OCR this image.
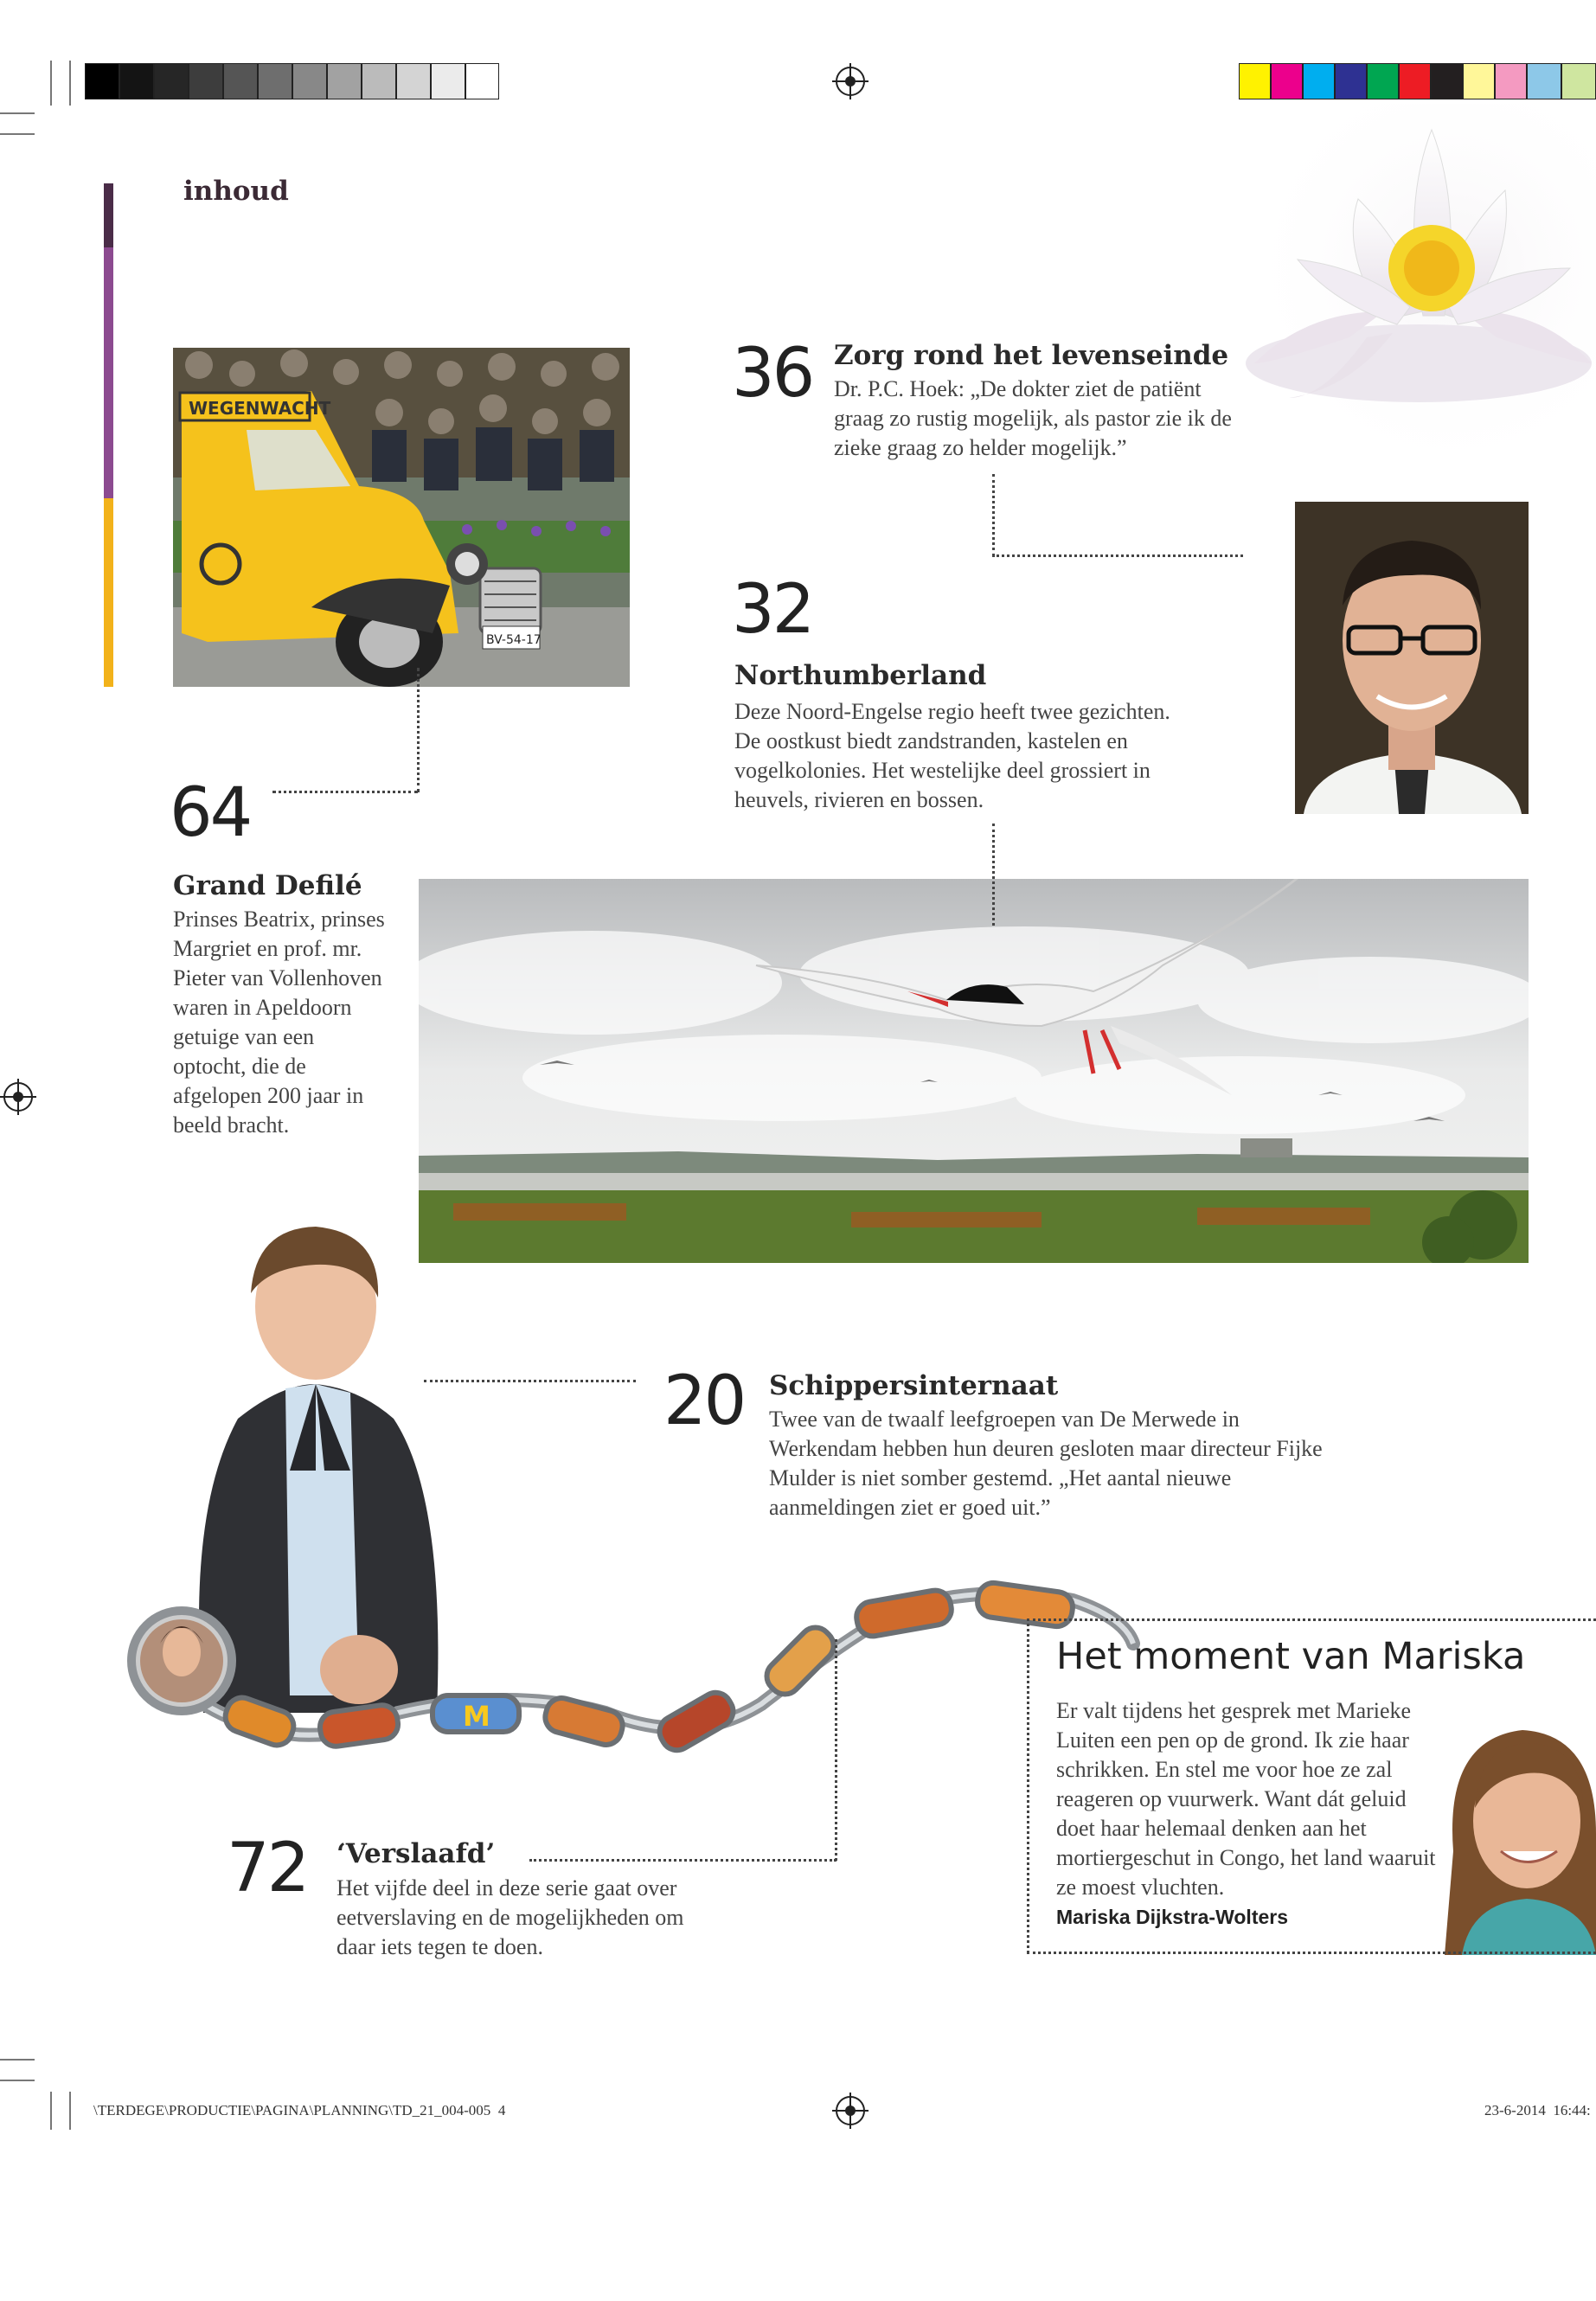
inhoud
WEGENWACHT
BV-54-17
M
36 Zorg rond het levenseinde
Dr. P.C. Hoek: „De dokter ziet de patiënt graag zo rustig mogelijk, als pastor zie ik de zieke graag zo helder mogelijk.”
32
Northumberland
Deze Noord-Engelse regio heeft twee gezichten. De oostkust biedt zandstranden, kastelen en vogelkolonies. Het westelijke deel grossiert in heuvels, rivieren en bossen.
64
Grand Defilé
Prinses Beatrix, prinses Margriet en prof. mr. Pieter van Vollenhoven waren in Apeldoorn getuige van een optocht, die de afgelopen 200 jaar in beeld bracht.
20 Schippersinternaat
Twee van de twaalf leefgroepen van De Merwede in Werkendam hebben hun deuren gesloten maar directeur Fijke Mulder is niet somber gestemd. „Het aantal nieuwe aanmeldingen ziet er goed uit.”
72 ‘Verslaafd’
Het vijfde deel in deze serie gaat over eetverslaving en de mogelijkheden om daar iets tegen te doen.
Het moment van Mariska
Er valt tijdens het gesprek met Marieke Luiten een pen op de grond. Ik zie haar schrikken. En stel me voor hoe ze zal reageren op vuurwerk. Want dát geluid doet haar helemaal denken aan het mortiergeschut in Congo, het land waaruit ze moest vluchten.
Mariska Dijkstra-Wolters
\TERDEGE\PRODUCTIE\PAGINA\PLANNING\TD_21_004-005 4	23-6-2014 16:44:
